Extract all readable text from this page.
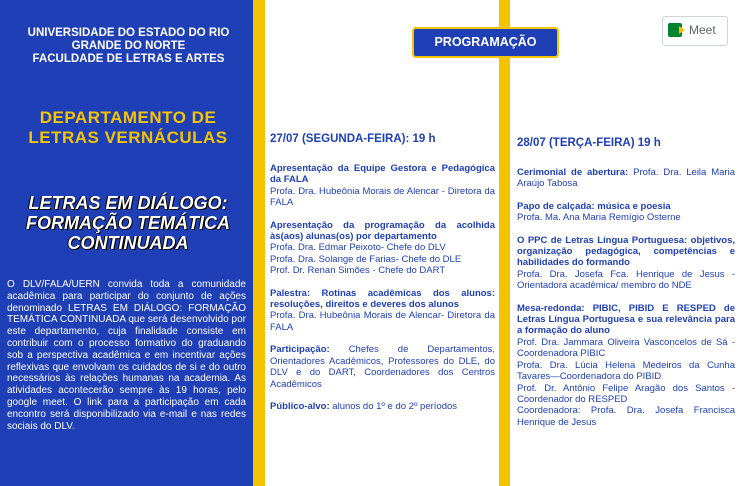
UNIVERSIDADE DO ESTADO DO RIO
GRANDE DO NORTE
FACULDADE DE LETRAS E ARTES
DEPARTAMENTO DE
LETRAS VERNÁCULAS
LETRAS EM DIÁLOGO:
FORMAÇÃO TEMÁTICA
CONTINUADA
O DLV/FALA/UERN convida toda a comunidade acadêmica para participar do conjunto de ações denominado LETRAS EM DIÁLOGO: FORMAÇÃO TEMÁTICA CONTINUADA que será desenvolvido por este departamento, cuja finalidade consiste em contribuir com o processo formativo do graduando sob a perspectiva acadêmica e em incentivar ações reflexivas que envolvam os cuidados de si e do outro necessários às relações humanas na academia. As atividades acontecerão sempre às 19 horas, pelo google meet. O link para a participação em cada encontro será disponibilizado via e-mail e nas redes sociais do DLV.
PROGRAMAÇÃO
Meet
27/07 (SEGUNDA-FEIRA): 19 h
Apresentação da Equipe Gestora e Pedagógica da FALA
Profa. Dra. Hubeônia Morais de Alencar - Diretora da FALA
Apresentação da programação da acolhida às(aos) alunas(os) por departamento
Profa. Dra. Edmar Peixoto- Chefe do DLV
Profa. Dra. Solange de Farias- Chefe do DLE
Prof. Dr. Renan Simões - Chefe do DART
Palestra: Rotinas acadêmicas dos alunos: resoluções, direitos e deveres dos alunos
Profa. Dra. Hubeônia Morais de Alencar- Diretora da FALA
Participação: Chefes de Departamentos, Orientadores Acadêmicos, Professores do DLE, do DLV e do DART, Coordenadores dos Centros Acadêmicos
Público-alvo: alunos do 1º e do 2º períodos
28/07 (TERÇA-FEIRA) 19 h
Cerimonial de abertura: Profa. Dra. Leila Maria Araújo Tabosa
Papo de calçada: música e poesia
Profa. Ma. Ana Maria Remígio Osterne
O PPC de Letras Língua Portuguesa: objetivos, organização pedagógica, competências e habilidades do formando
Profa. Dra. Josefa Fca. Henrique de Jesus - Orientadora acadêmica/ membro do NDE
Mesa-redonda: PIBIC, PIBID E RESPED de Letras Língua Portuguesa e sua relevância para a formação do aluno
Prof. Dra. Jammara Oliveira Vasconcelos de Sá - Coordenadora PIBIC
Profa. Dra. Lúcia Helena Medeiros da Cunha Tavares—Coordenadora do PIBID
Prof. Dr. Antônio Felipe Aragão dos Santos - Coordenador do RESPED
Coordenadora: Profa. Dra. Josefa Francisca Henrique de Jesus
